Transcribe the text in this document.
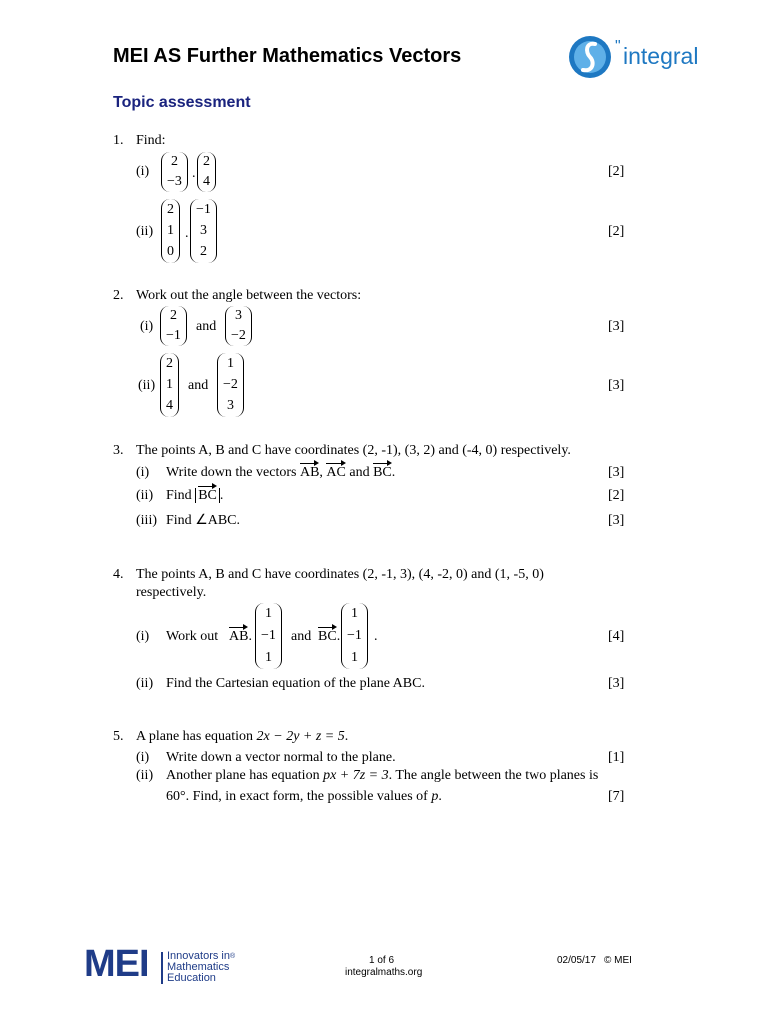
MEI AS Further Mathematics Vectors	" integral
Topic assessment
1. Find:
(i)
2
−3
.
2
4
[2]
(ii)
2
1
0
.
−1
3
2
[2]
2. Work out the angle between the vectors:
(i)
2
−1
and
3
−2
[3]
(ii)
2
1
4
and
1
−2
3
[3]
3. The points A, B and C have coordinates (2, -1), (3, 2) and (-4, 0) respectively.
(i) Write down the vectors AB, AC and BC.	[3]
(ii) Find BC .	[2]
(iii) Find ∠ABC.	[3]
4. The points A, B and C have coordinates (2, -1, 3), (4, -2, 0) and (1, -5, 0)
respectively.
(i) Work out AB.
1
−1
1
and BC.
1
−1
1
.	[4]
(ii) Find the Cartesian equation of the plane ABC.	[3]
5. A plane has equation 2x − 2y + z = 5.
(i) Write down a vector normal to the plane.	[1]
(ii) Another plane has equation px + 7z = 3. The angle between the two planes is
60°. Find, in exact form, the possible values of p.	[7]
MEI Innovators in®
Mathematics
Education
1 of 6
integralmaths.org
02/05/17 © MEI
